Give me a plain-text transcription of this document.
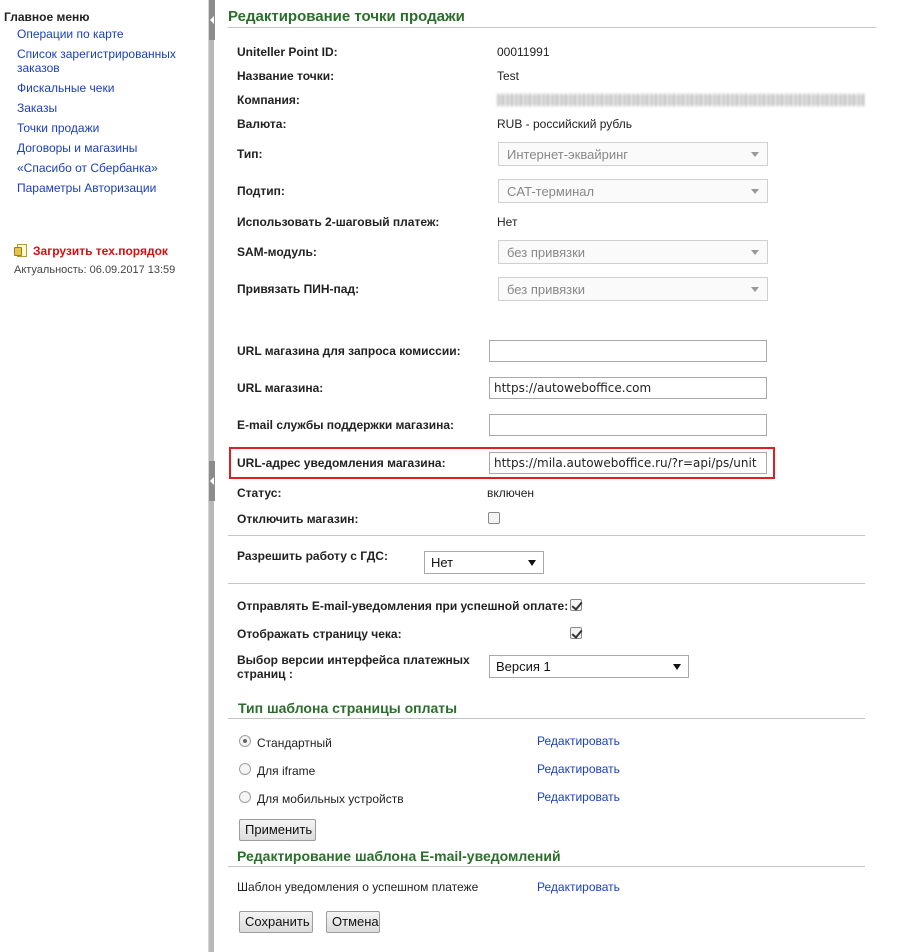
Главное меню
Операции по карте
Список зарегистрированных заказов
Фискальные чеки
Заказы
Точки продажи
Договоры и магазины
«Спасибо от Сбербанка»
Параметры Авторизации
Загрузить тех.порядок
Актуальность: 06.09.2017 13:59
Редактирование точки продажи
Uniteller Point ID:	00011991
Название точки:	Test
Компания:
Валюта:	RUB - российский рубль
Тип:	Интернет-эквайринг
Подтип:	CAT-терминал
Использовать 2-шаговый платеж:	Нет
SAM-модуль:	без привязки
Привязать ПИН-пад:	без привязки
URL магазина для запроса комиссии:
URL магазина:	https://autoweboffice.com
E-mail службы поддержки магазина:
URL-адрес уведомления магазина:	https://mila.autoweboffice.ru/?r=api/ps/unit
Статус:	включен
Отключить магазин:
Разрешить работу с ГДС:	Нет
Отправлять E-mail-уведомления при успешной оплате:
Отображать страницу чека:
Выбор версии интерфейса платежных страниц :	Версия 1
Тип шаблона страницы оплаты
Стандартный	Редактировать
Для iframe	Редактировать
Для мобильных устройств	Редактировать
Применить
Редактирование шаблона E-mail-уведомлений
Шаблон уведомления о успешном платеже	Редактировать
Сохранить	Отмена
